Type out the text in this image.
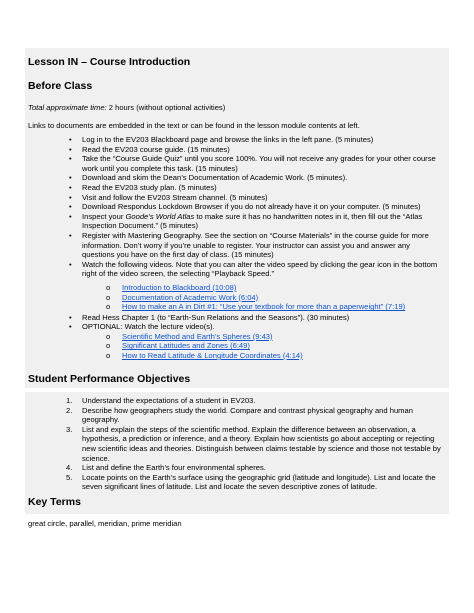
Lesson IN – Course Introduction
Before Class
Total approximate time: 2 hours (without optional activities)
Links to documents are embedded in the text or can be found in the lesson module contents at left.
• Log in to the EV203 Blackboard page and browse the links in the left pane. (5 minutes)
• Read the EV203 course guide. (15 minutes)
• Take the “Course Guide Quiz” until you score 100%. You will not receive any grades for your other course work until you complete this task. (15 minutes)
• Download and skim the Dean’s Documentation of Academic Work. (5 minutes).
• Read the EV203 study plan. (5 minutes)
• Visit and follow the EV203 Stream channel. (5 minutes)
• Download Respondus Lockdown Browser if you do not already have it on your computer. (5 minutes)
• Inspect your Goode’s World Atlas to make sure it has no handwritten notes in it, then fill out the “Atlas Inspection Document.” (5 minutes)
• Register with Mastering Geography. See the section on “Course Materials” in the course guide for more information. Don’t worry if you’re unable to register. Your instructor can assist you and answer any questions you have on the first day of class. (15 minutes)
• Watch the following videos. Note that you can alter the video speed by clicking the gear icon in the bottom right of the video screen, the selecting “Playback Speed.”
o Introduction to Blackboard (10:08)
o Documentation of Academic Work (6:04)
o How to make an A in Dirt #1: “Use your textbook for more than a paperweight” (7:19)
• Read Hess Chapter 1 (to “Earth-Sun Relations and the Seasons”). (30 minutes)
• OPTIONAL: Watch the lecture video(s).
o Scientific Method and Earth’s Spheres (9:43)
o Significant Latitudes and Zones (6:49)
o How to Read Latitude & Longitude Coordinates (4:14)
Student Performance Objectives
1. Understand the expectations of a student in EV203.
2. Describe how geographers study the world. Compare and contrast physical geography and human geography.
3. List and explain the steps of the scientific method. Explain the difference between an observation, a hypothesis, a prediction or inference, and a theory. Explain how scientists go about accepting or rejecting new scientific ideas and theories. Distinguish between claims testable by science and those not testable by science.
4. List and define the Earth’s four environmental spheres.
5. Locate points on the Earth’s surface using the geographic grid (latitude and longitude). List and locate the seven significant lines of latitude. List and locate the seven descriptive zones of latitude.
Key Terms
great circle, parallel, meridian, prime meridian
